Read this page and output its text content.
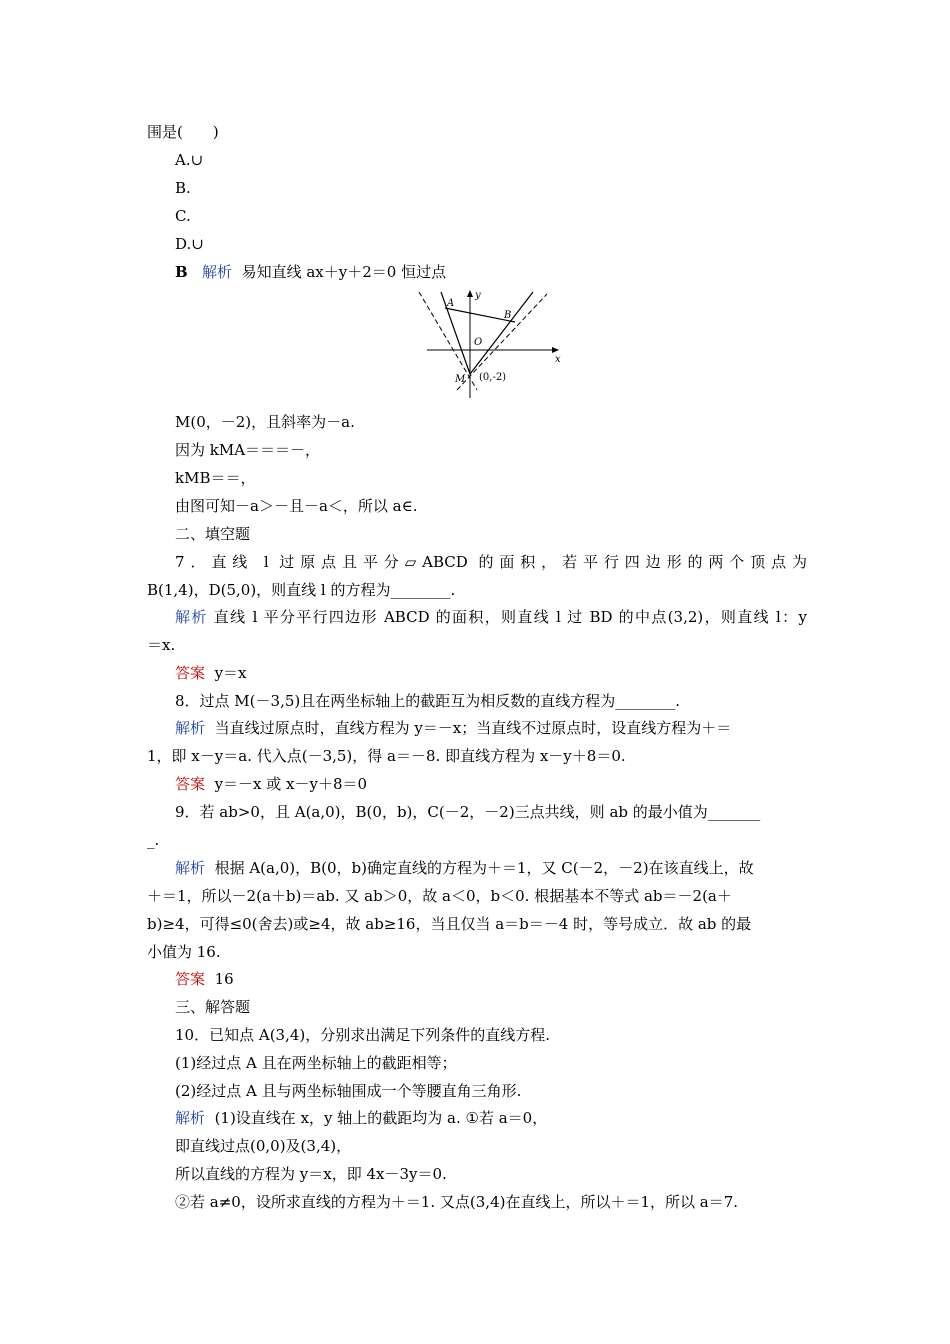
围是(　　)
A.∪
B.
C.
D.∪
B 解析 易知直线 ax＋y＋2＝0 恒过点
A
B
O
M (0,-2)
x
y
M(0，－2)，且斜率为－a.
因为 kMA＝＝＝－，
kMB＝＝，
由图可知－a＞－且－a＜，所以 a∈.
二、填空题
7．直线 l 过原点且平分▱ABCD 的面积，若平行四边形的两个顶点为
B(1,4)，D(5,0)，则直线 l 的方程为________.
解析 直线 l 平分平行四边形 ABCD 的面积，则直线 l 过 BD 的中点(3,2)，则直线 l：y
＝x.
答案 y＝x
8．过点 M(－3,5)且在两坐标轴上的截距互为相反数的直线方程为________.
解析 当直线过原点时，直线方程为 y＝－x；当直线不过原点时，设直线方程为＋＝
1，即 x－y＝a. 代入点(－3,5)，得 a＝－8. 即直线方程为 x－y＋8＝0.
答案 y＝－x 或 x－y＋8＝0
9．若 ab>0，且 A(a,0)，B(0，b)，C(－2，－2)三点共线，则 ab 的最小值为_______
_.
解析 根据 A(a,0)，B(0，b)确定直线的方程为＋＝1，又 C(－2，－2)在该直线上，故
＋＝1，所以－2(a＋b)＝ab. 又 ab＞0，故 a＜0，b＜0. 根据基本不等式 ab＝－2(a＋
b)≥4，可得≤0(舍去)或≥4，故 ab≥16，当且仅当 a＝b＝－4 时，等号成立．故 ab 的最
小值为 16.
答案 16
三、解答题
10．已知点 A(3,4)，分别求出满足下列条件的直线方程.
(1)经过点 A 且在两坐标轴上的截距相等；
(2)经过点 A 且与两坐标轴围成一个等腰直角三角形.
解析 (1)设直线在 x，y 轴上的截距均为 a. ①若 a＝0，
即直线过点(0,0)及(3,4)，
所以直线的方程为 y＝x，即 4x－3y＝0.
②若 a≠0，设所求直线的方程为＋＝1. 又点(3,4)在直线上，所以＋＝1，所以 a＝7.
